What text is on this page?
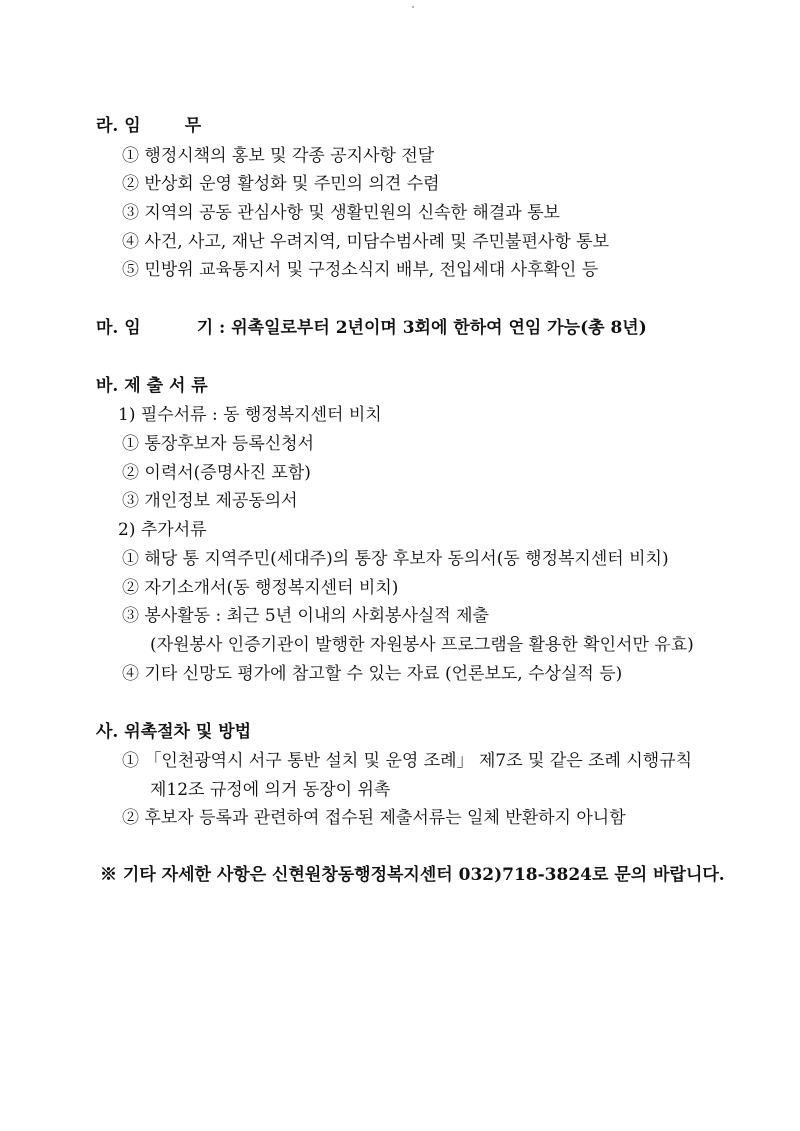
라. 임	무
① 행정시책의 홍보 및 각종 공지사항 전달
② 반상회 운영 활성화 및 주민의 의견 수렴
③ 지역의 공동 관심사항 및 생활민원의 신속한 해결과 통보
④ 사건, 사고, 재난 우려지역, 미담수범사례 및 주민불편사항 통보
⑤ 민방위 교육통지서 및 구정소식지 배부, 전입세대 사후확인 등
마. 임	기 : 위촉일로부터 2년이며 3회에 한하여 연임 가능(총 8년)
바. 제 출 서 류
1) 필수서류 : 동 행정복지센터 비치
① 통장후보자 등록신청서
② 이력서(증명사진 포함)
③ 개인정보 제공동의서
2) 추가서류
① 해당 통 지역주민(세대주)의 통장 후보자 동의서(동 행정복지센터 비치)
② 자기소개서(동 행정복지센터 비치)
③ 봉사활동 : 최근 5년 이내의 사회봉사실적 제출
(자원봉사 인증기관이 발행한 자원봉사 프로그램을 활용한 확인서만 유효)
④ 기타 신망도 평가에 참고할 수 있는 자료 (언론보도, 수상실적 등)
사. 위촉절차 및 방법
① 「인천광역시 서구 통반 설치 및 운영 조례」 제7조 및 같은 조례 시행규칙
제12조 규정에 의거 동장이 위촉
② 후보자 등록과 관련하여 접수된 제출서류는 일체 반환하지 아니함
※ 기타 자세한 사항은 신현원창동행정복지센터 032)718-3824로 문의 바랍니다.
